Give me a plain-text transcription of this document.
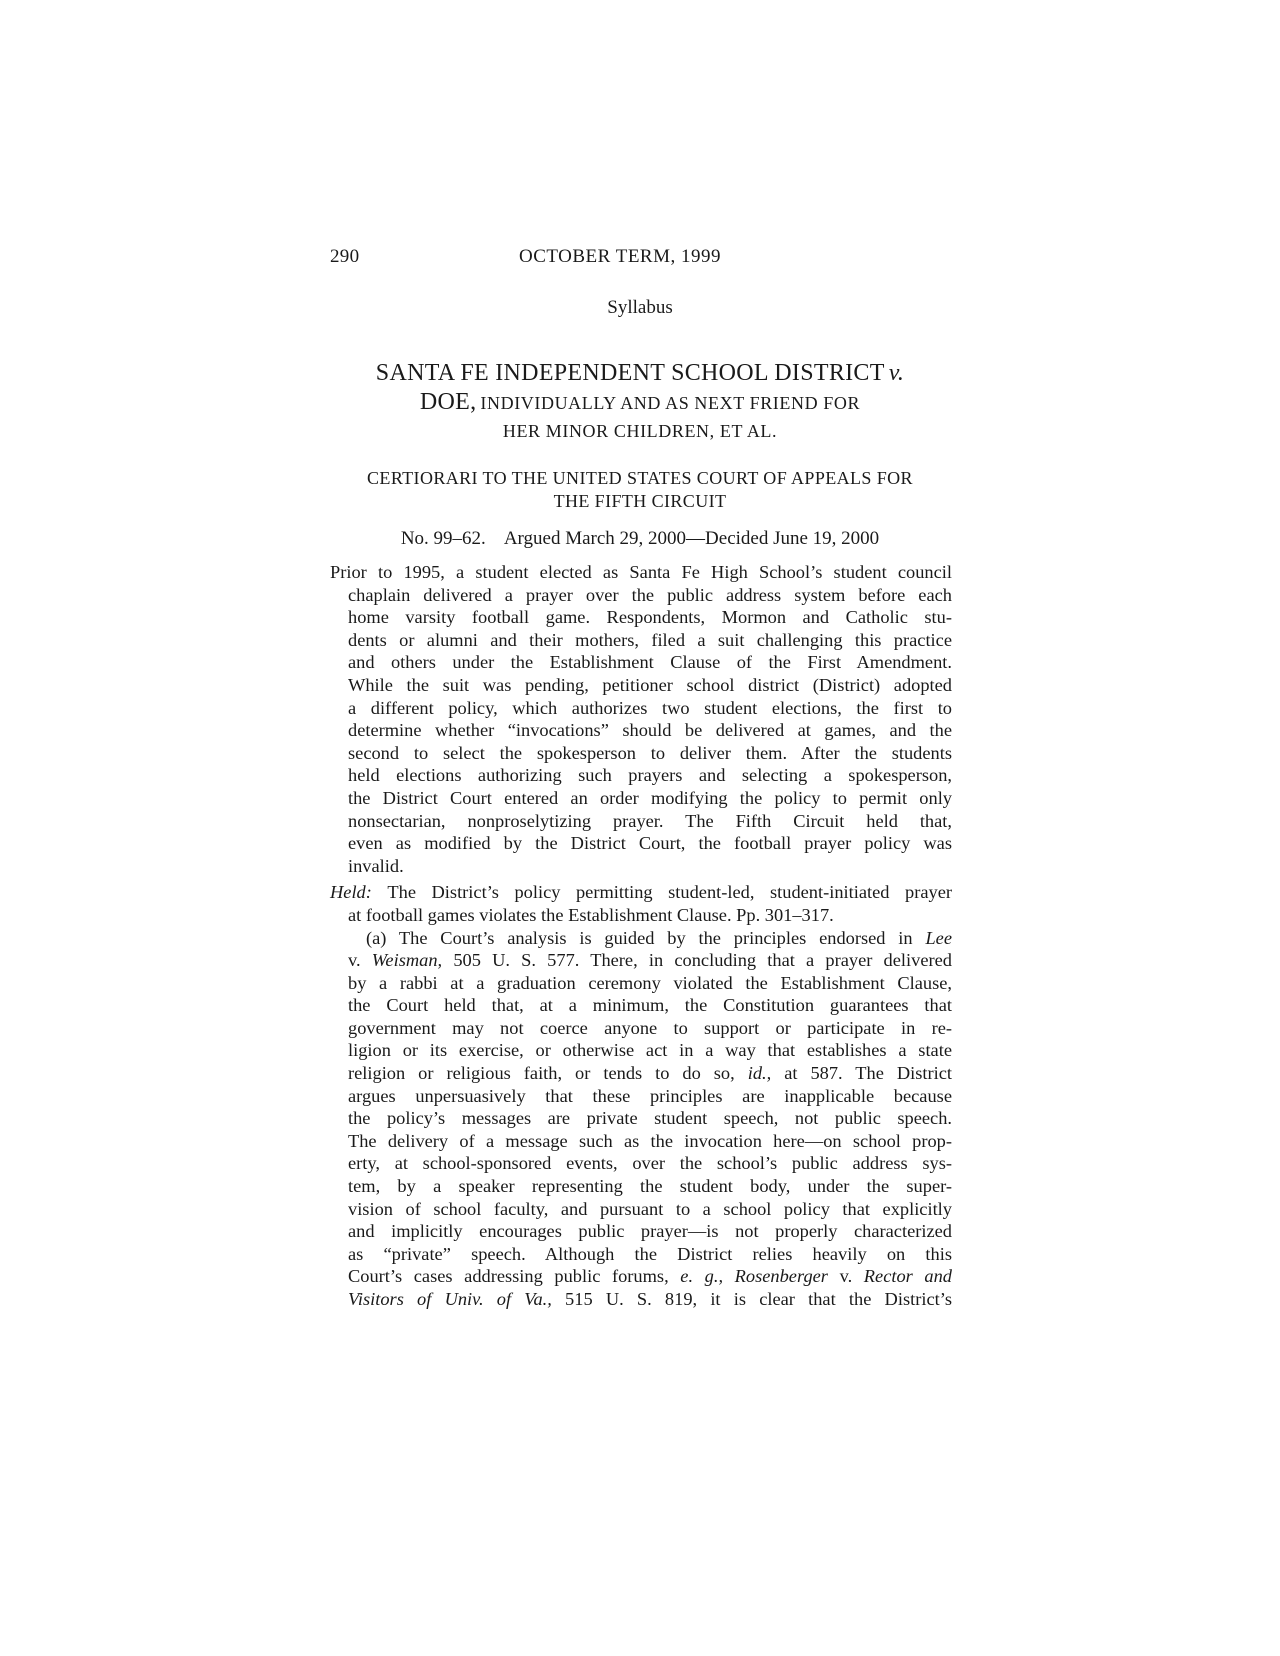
290	OCTOBER TERM, 1999
Syllabus
SANTA FE INDEPENDENT SCHOOL DISTRICT v.
DOE, INDIVIDUALLY AND AS NEXT FRIEND FOR
HER MINOR CHILDREN, ET AL.
CERTIORARI TO THE UNITED STATES COURT OF APPEALS FOR
THE FIFTH CIRCUIT
No. 99–62. Argued March 29, 2000—Decided June 19, 2000
Prior to 1995, a student elected as Santa Fe High School’s student council
chaplain delivered a prayer over the public address system before each
home varsity football game. Respondents, Mormon and Catholic stu-
dents or alumni and their mothers, filed a suit challenging this practice
and others under the Establishment Clause of the First Amendment.
While the suit was pending, petitioner school district (District) adopted
a different policy, which authorizes two student elections, the first to
determine whether “invocations” should be delivered at games, and the
second to select the spokesperson to deliver them. After the students
held elections authorizing such prayers and selecting a spokesperson,
the District Court entered an order modifying the policy to permit only
nonsectarian, nonproselytizing prayer. The Fifth Circuit held that,
even as modified by the District Court, the football prayer policy was
invalid.
Held: The District’s policy permitting student-led, student-initiated prayer
at football games violates the Establishment Clause. Pp. 301–317.
(a) The Court’s analysis is guided by the principles endorsed in Lee
v. Weisman, 505 U. S. 577. There, in concluding that a prayer delivered
by a rabbi at a graduation ceremony violated the Establishment Clause,
the Court held that, at a minimum, the Constitution guarantees that
government may not coerce anyone to support or participate in re-
ligion or its exercise, or otherwise act in a way that establishes a state
religion or religious faith, or tends to do so, id., at 587. The District
argues unpersuasively that these principles are inapplicable because
the policy’s messages are private student speech, not public speech.
The delivery of a message such as the invocation here—on school prop-
erty, at school-sponsored events, over the school’s public address sys-
tem, by a speaker representing the student body, under the super-
vision of school faculty, and pursuant to a school policy that explicitly
and implicitly encourages public prayer—is not properly characterized
as “private” speech. Although the District relies heavily on this
Court’s cases addressing public forums, e. g., Rosenberger v. Rector and
Visitors of Univ. of Va., 515 U. S. 819, it is clear that the District’s
